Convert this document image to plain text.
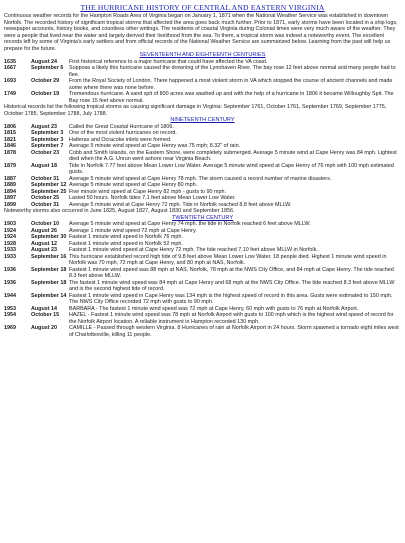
THE HURRICANE HISTORY OF CENTRAL AND EASTERN VIRGINIA

Continuous weather records for the Hampton Roads Area of Virginia began on January 1, 1871 when the National Weather Service was established in downtown Norfolk. The recorded history of significant tropical storms that affected the area goes back much further. Prior to 1871, early storms have been located in a ship logs, newspaper accounts, history books, and countless other writings. The residents of coastal Virginia during Colonial times were very much aware of the weather. They were a people that lived near the water and largely derived their livelihood from the sea. To them, a tropical storm was indeed a noteworthy event. The excellent records left by some of Virginia's early settlers and from official records of the National Weather Service are summarized below. Learning from the past will help us prepare for the future.

SEVENTEENTH AND EIGHTEENTH CENTURIES
1635	August 24	First historical reference to a major hurricane that could have affected the VA coast.
1667	September 6	Suppose a likely this hurricane caused the drowning of the Lynnhaven River. The bay rose 12 feet above normal and many people had to flee.
1693	October 29	From the Royal Society of London. There happened a most violent storm in VA which stopped the course of ancient channels and made some where there was none before.
1749	October 19	Tremendous hurricane. A sand spit of 800 acres was washed up and with the help of a hurricane in 1806 it became Willoughby Spit. The Bay rose 15 feet above normal.

Historical records list the following tropical storms as causing significant damage in Virginia: September 1761, October 1761, September 1769, September 1775, October 1785, September 1788, July 1788.

NINETEENTH CENTURY
1806	August 23	Called the Great Coastal Hurricane of 1806.
1815	September 3	One of the most violent hurricanes on record.
1821	September 3	Hatteras and Ocracoke inlets were formed.
1846	September 7	Average 5 minute wind speed at Cape Henry was 75 mph; 8.32" of rain.
1878	October 23	Cobb and Smith Islands, on the Eastern Shore, were completely submerged. Average 5 minute wind at Cape Henry was 84 mph. Lightest died when the A.G. Unrun went ashore near Virginia Beach.
1879	August 18	Tide in Norfolk 7.77 feet above Mean Lower Low Water. Average 5 minute wind speed at Cape Henry of 76 mph with 100 mph estimated gusts.
1887	October 31	Average 5 minute wind speed at Cape Henry 78 mph. The storm caused a record number of marine disasters.
1889	September 12 Average 5 minute wind speed at Cape Henry 80 mph.
1894	September 25 Five minute wind speed at Cape Henry 82 mph - gusts to 90 mph.
1897	October 25	Lasted 50 hours. Norfolk tides 7.1 feet above Mean Lower Low Water.
1899	October 31	Average 5 minute wind at Cape Henry 72 mph. Tide in Norfolk reached 8.8 feet above MLLW.

Noteworthy storms also occurred in June 1825, August 1827, August 1830 and September 1856.

TWENTIETH CENTURY
1903	October 10	Average 5 minute wind speed at Cape Henry 74 mph. the tide in Norfolk reached 6 feet above MLLW.
1924	August 26	Average 1 minute wind speed 72 mph at Cape Henry.
1924	September 30 Fastest 1 minute wind speed in Norfolk 76 mph.
1928	August 12	Fastest 1 minute wind speed in Norfolk 52 mph.
1933	August 23	Fastest 1 minute wind speed at Cape Henry 72 mph. The tide reached 7.10 feet above MLLW in Norfolk.
1933	September 16 This hurricane established record high tide of 9.8 feet above Mean Lower Low Water. 18 people died. Highest 1 minute wind speed in Norfolk was 70 mph, 72 mph at Cape Henry, and 80 mph at NAS, Norfolk.
1936	September 18 Fastest 1 minute wind speed was 88 mph at NAS, Norfolk, 78 mph at the NWS City Office, and 84 mph at Cape Henry. The tide reached 8.3 feet above MLLW.
1936	September 18 The fastest 1 minute wind speed was 84 mph at Cape Henry and 68 mph at the NWS City Office. The tide reached 8.3 feet above MLLW and is the second highest tide of record.
1944	September 14 Fastest 1 minute wind speed in Cape Henry was 134 mph is the highest speed of record in this area. Gusts were estimated to 150 mph. The NWS City Office recorded 72 mph with gusts to 90 mph.
1953	August 14	BARBARA - The fastest 1 minute wind speed was 72 mph at Cape Henry, 60 mph with gusts to 76 mph at Norfolk Airport.
1954	October 15	HAZEL - Fastest 1 minute wind speed was 78 mph at Norfolk Airport with gusts to 100 mph which is the highest wind speed of record for the Norfolk Airport location. A reliable instrument in Hampton recorded 130 mph.
1969	August 20	CAMILLE - Passed through western Virginia. 8 Hurricanes of rain at Norfolk Airport in 24 hours. Storm spawned a tornado eight miles west of Charlottesville, killing 11 people.
